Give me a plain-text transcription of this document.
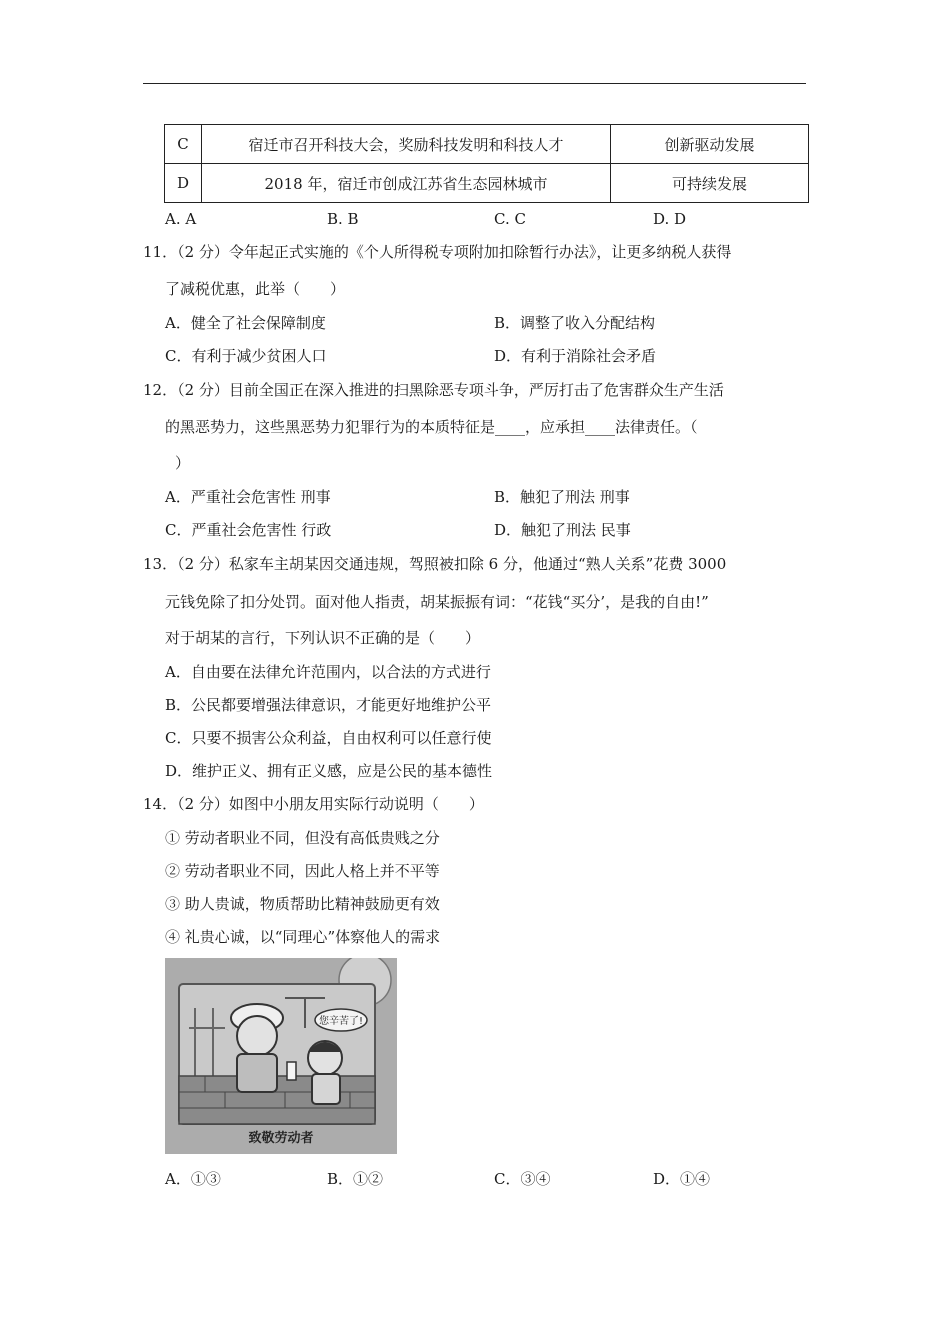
C	宿迁市召开科技大会，奖励科技发明和科技人才	创新驱动发展
D	2018 年，宿迁市创成江苏省生态园林城市	可持续发展
A. A	B. B	C. C	D. D
11．（2 分）令年起正式实施的《个人所得税专项附加扣除暂行办法》，让更多纳税人获得
了减税优惠，此举（　　）
A．健全了社会保障制度	B．调整了收入分配结构
C．有利于减少贫困人口	D．有利于消除社会矛盾
12．（2 分）目前全国正在深入推进的扫黑除恶专项斗争，严厉打击了危害群众生产生活
的黑恶势力，这些黑恶势力犯罪行为的本质特征是____，应承担____法律责任。（
）
A．严重社会危害性 刑事	B．触犯了刑法 刑事
C．严重社会危害性 行政	D．触犯了刑法 民事
13．（2 分）私家车主胡某因交通违规，驾照被扣除 6 分，他通过“熟人关系”花费 3000
元钱免除了扣分处罚。面对他人指责，胡某振振有词：“花钱“买分’，是我的自由!”
对于胡某的言行，下列认识不正确的是（　　）
A．自由要在法律允许范围内，以合法的方式进行
B．公民都要增强法律意识，才能更好地维护公平
C．只要不损害公众利益，自由权利可以任意行使
D．维护正义、拥有正义感，应是公民的基本德性
14．（2 分）如图中小朋友用实际行动说明（　　）
① 劳动者职业不同，但没有高低贵贱之分
② 劳动者职业不同，因此人格上并不平等
③ 助人贵诚，物质帮助比精神鼓励更有效
④ 礼贵心诚，以“同理心”体察他人的需求
您辛苦了!
致敬劳动者
A．①③	B．①②	C．③④	D．①④
